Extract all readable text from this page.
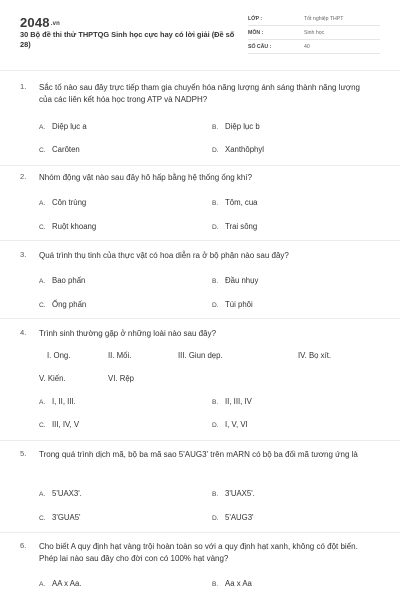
2048.vn
30 Bộ đề thi thử THPTQG Sinh học cực hay có lời giải (Đề số 28)
LỚP :	Tốt nghiệp THPT
MÔN :	Sinh học
SỐ CÂU :	40
1. Sắc tố nào sau đây trực tiếp tham gia chuyển hóa năng lượng ánh sáng thành năng lượng của các liên kết hóa học trong ATP và NADPH?
A. Diệp lục a	B. Diệp lục b
C. Carôten	D. Xanthôphyl
2. Nhóm động vật nào sau đây hô hấp bằng hệ thống ống khí?
A. Côn trùng	B. Tôm, cua
C. Ruột khoang	D. Trai sông
3. Quá trình thụ tinh của thực vật có hoa diễn ra ở bộ phận nào sau đây?
A. Bao phấn	B. Đầu nhụy
C. Ống phấn	D. Túi phôi
4. Trình sinh thường gặp ở những loài nào sau đây?
I. Ong.	II. Mối.	III. Giun dẹp.	IV. Bọ xít.
V. Kiến.	VI. Rệp
A. I, II, III.	B. II, III, IV
C. III, IV, V	D. I, V, VI
5. Trong quá trình dịch mã, bộ ba mã sao 5'AUG3' trên mARN có bộ ba đối mã tương ứng là
A. 5'UAX3'.	B. 3'UAX5'.
C. 3'GUA5'	D. 5'AUG3'
6. Cho biết A quy định hạt vàng trội hoàn toàn so với a quy định hạt xanh, không có đột biến. Phép lai nào sau đây cho đời con có 100% hạt vàng?
A. AA x Aa.	B. Aa x Aa
